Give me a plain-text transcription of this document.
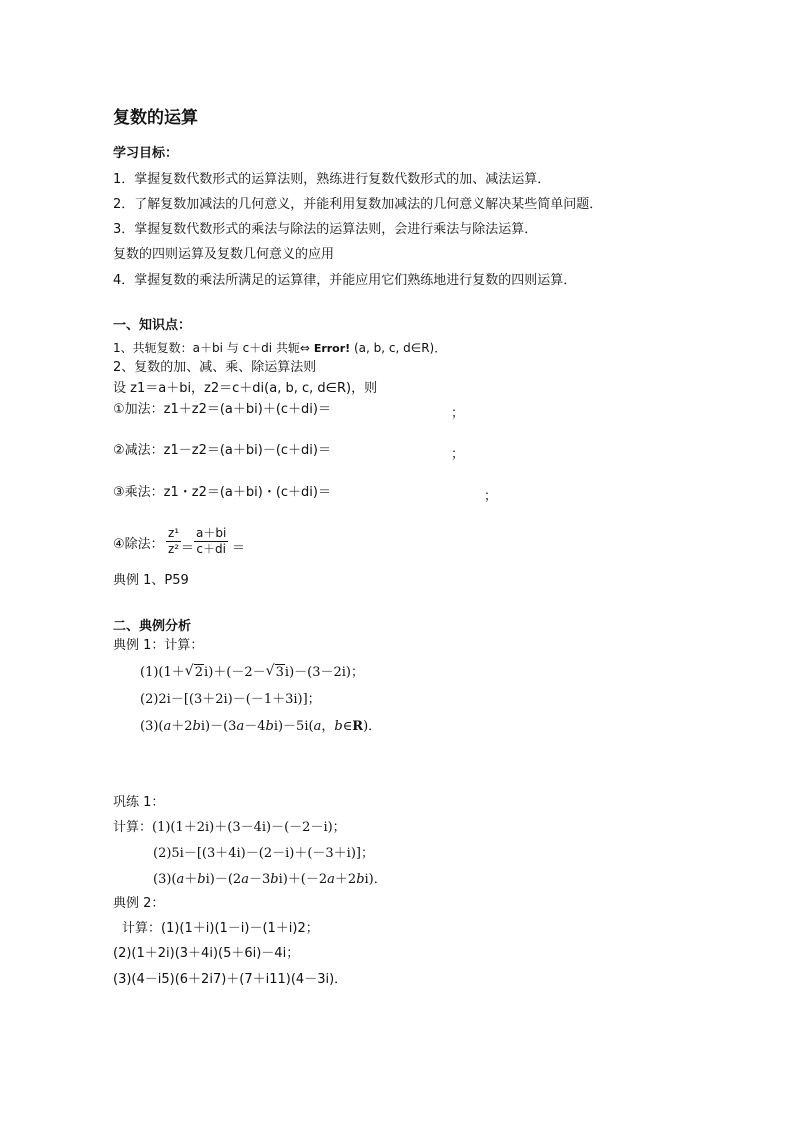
复数的运算
学习目标：
1．掌握复数代数形式的运算法则，熟练进行复数代数形式的加、减法运算．
2．了解复数加减法的几何意义，并能利用复数加减法的几何意义解决某些简单问题．
3．掌握复数代数形式的乘法与除法的运算法则，会进行乘法与除法运算．
复数的四则运算及复数几何意义的应用
4．掌握复数的乘法所满足的运算律，并能应用它们熟练地进行复数的四则运算．
一、知识点：
1、共轭复数：a＋bi 与 c＋di 共轭⇔ Error! (a, b, c, d∈R)．
2、复数的加、减、乘、除运算法则
设 z1＝a＋bi，z2＝c＋di(a, b, c, d∈R)，则
①加法：z1＋z2＝(a＋bi)＋(c＋di)＝	；
②减法：z1－z2＝(a＋bi)－(c＋di)＝	；
③乘法：z1・z2＝(a＋bi)・(c＋di)＝	；
④除法： $\frac{\text{z¹}}{\text{z²}} = \frac{a+bi}{c+di}$ ＝
典例 1、P59
二、典例分析
典例 1：计算：
(1)(1＋ √ 2i)＋(－2－ √ 3i)－(3－2i)；
(2)2i－[(3＋2i)－(－1＋3i)]；
(3)(a＋2bi)－(3a－4bi)－5i(a，b∈R)．
巩练 1：
计算：(1)(1＋2i)＋(3－4i)－(－2－i)；
(2)5i－[(3＋4i)－(2－i)＋(－3＋i)]；
(3)(a＋bi)－(2a－3bi)＋(－2a＋2bi)．
典例 2：
计算：(1)(1＋i)(1－i)－(1＋i)2；
(2)(1＋2i)(3＋4i)(5＋6i)－4i；
(3)(4－i5)(6＋2i7)＋(7＋i11)(4－3i)．
